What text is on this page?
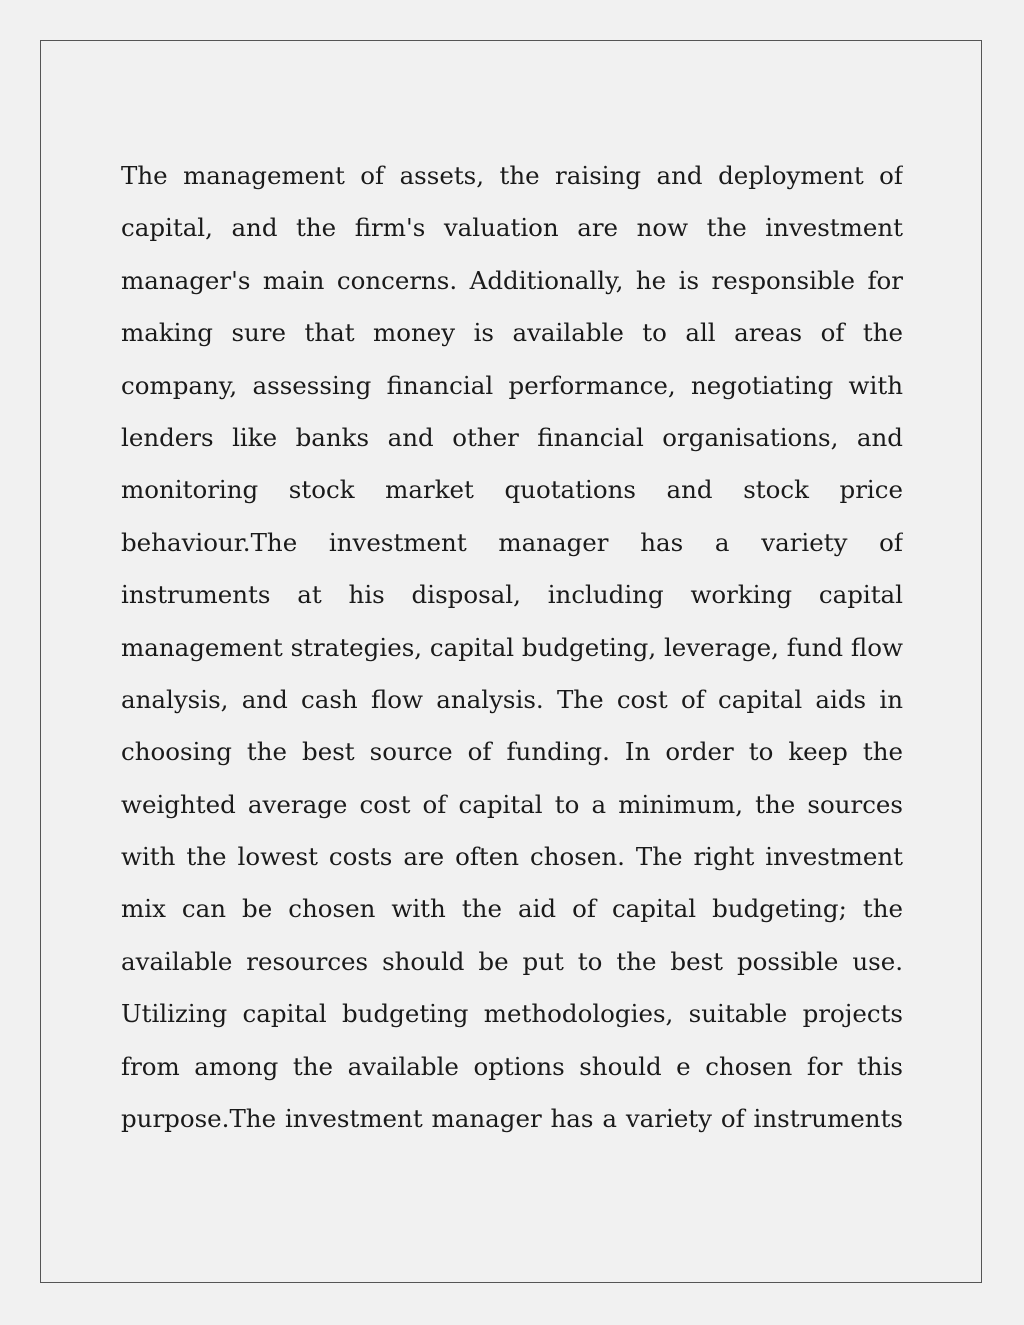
The management of assets, the raising and deployment of
capital, and the firm's valuation are now the investment
manager's main concerns. Additionally, he is responsible for
making sure that money is available to all areas of the
company, assessing financial performance, negotiating with
lenders like banks and other financial organisations, and
monitoring stock market quotations and stock price
behaviour.The investment manager has a variety of
instruments at his disposal, including working capital
management strategies, capital budgeting, leverage, fund flow
analysis, and cash flow analysis. The cost of capital aids in
choosing the best source of funding. In order to keep the
weighted average cost of capital to a minimum, the sources
with the lowest costs are often chosen. The right investment
mix can be chosen with the aid of capital budgeting; the
available resources should be put to the best possible use.
Utilizing capital budgeting methodologies, suitable projects
from among the available options should e chosen for this
purpose.The investment manager has a variety of instruments
